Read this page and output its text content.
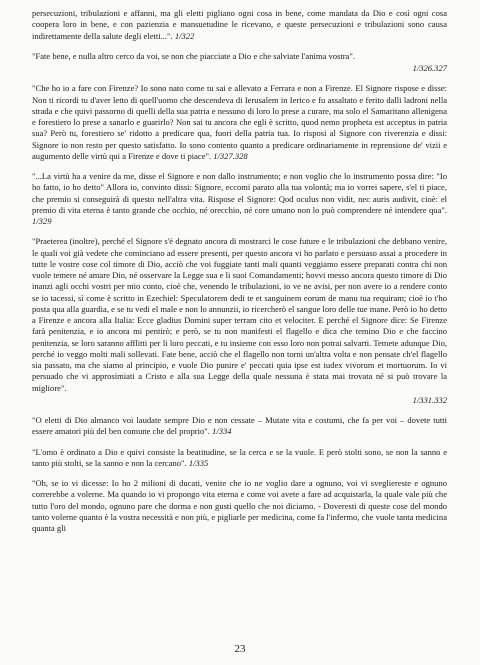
persecuzioni, tribulazioni e affanni, ma gli eletti pigliano ogni cosa in bene, come mandata da Dio e così ogni cosa coopera loro in bene, e con pazienzia e mansuetudine le ricevano, e queste persecuzioni e tribulazioni sono causa indirettamente della salute degli eletti...". 1/322

"Fate bene, e nulla altro cerco da voi, se non che piacciate a Dio e che salviate l'anima vostra".
1/326.327

"Che ho io a fare con Firenze? Io sono nato come tu sai e allevato a Ferrara e non a Firenze. El Signore rispose e disse: Non ti ricordi tu d'aver letto di quell'uomo che descendeva di Ierusalem in Ierico e fu assaltato e ferito dalli ladroni nella strada e che quivi passorno di quelli della sua patria e nessuno di loro lo prese a curare, ma solo el Samaritano allenigena e forestiero lo prese a sanarlo e guarirlo? Non sai tu ancora che egli è scritto, quod nemo propheta est acceptus in patria sua? Però tu, forestiero se' ridotto a predicare qua, fuori della patria tua. Io risposi al Signore con riverenzia e dissi: Signore io non resto per questo satisfatto. Io sono contento quanto a predicare ordinariamente in reprensione de' vizii e augumento delle virtù qui a Firenze e dove ti piace". 1/327.328

"...La virtù ha a venire da me, disse el Signore e non dallo instrumento; e non voglio che lo instrumento possa dire: "Io ho fatto, io ho detto" Allora io, convinto dissi: Signore, eccomi parato alla tua volontà; ma io vorrei sapere, s'el ti piace, che premio si conseguirà di questo nell'altra vita. Rispose el Signore: Qod oculus non vidit, nec auris audivit, cioè: el premio di vita eterna è tanto grande che occhio, né orecchio, né core umano non lo può comprendere né intendere qua". 1/329

"Praeterea (inoltre), perché el Signore s'è degnato ancora di mostrarci le cose future e le tribulazioni che debbano venire, le quali voi già vedete che cominciano ad essere presenti, per questo ancora vi ho parlato e persuaso assai a procedere in tutte le vostre cose col timore di Dio, acciò che voi fuggiate tanti mali quanti veggiamo essere preparati contra chi non vuole temere né amare Dio, né osservare la Legge sua e li suoi Comandamenti; hovvi messo ancora questo timore di Dio inanzi agli occhi vostri per mio conto, cioè che, venendo le tribulazioni, io ve ne avisi, per non avere io a rendere conto se io tacessi, sì come è scritto in Ezechiel: Speculatorem dedi te et sanguinem eorum de manu tua requiram; cioè io t'ho posta qua alla guardia, e se tu vedi el male e non lo annunzii, io ricercherò el sangue loro delle tue mane. Però io ho detto a Firenze e ancora alla Italia: Ecce gladius Domini super terram cito et velociter. E perché el Signore dice: Se Firenze farà penitenzia, e io ancora mi pentirò; e però, se tu non manifesti el flagello e dica che temino Dio e che faccino penitenzia, se loro saranno afflitti per li loro peccati, e tu insieme con esso loro non potrai salvarti. Temete adunque Dio, perché io veggo molti mali sollevati. Fate bene, acciò che el flagello non torni un'altra volta e non pensate ch'el flagello sia passato, ma che siamo al principio, e vuole Dio punire e' peccati quia ipse est iudex vivorum et mortuorum. Io vi persuado che vi approsimiati a Cristo e alla sua Legge della quale nessuna è stata mai trovata né si può trovare la migliore".
1/331.332

"O eletti di Dio almanco voi laudate sempre Dio e non cessate – Mutate vita e costumi, che fa per voi – dovete tutti essere amatori più del ben comune che del proprio". 1/334

"L'omo è ordinato a Dio e quivi consiste la beatitudine, se la cerca e se la vuole. E però stolti sono, se non la sanno e tanto più stolti, se la sanno e non la cercano". 1/335

"Oh, se io vi dicesse: Io ho 2 milioni di ducati, venite che io ne voglio dare a ognuno, voi vi svegliereste e ognuno correrebbe a volerne. Ma quando io vi propongo vita eterna e come voi avete a fare ad acquistarla, la quale vale più che tutto l'oro del mondo, ognuno pare che dorma e non gusti quello che noi diciamo. - Doveresti di queste cose del mondo tanto volerne quanto è la vostra necessità e non più, e pigliarle per medicina, come fa l'infermo, che vuole tanta medicina quanta gli

23
